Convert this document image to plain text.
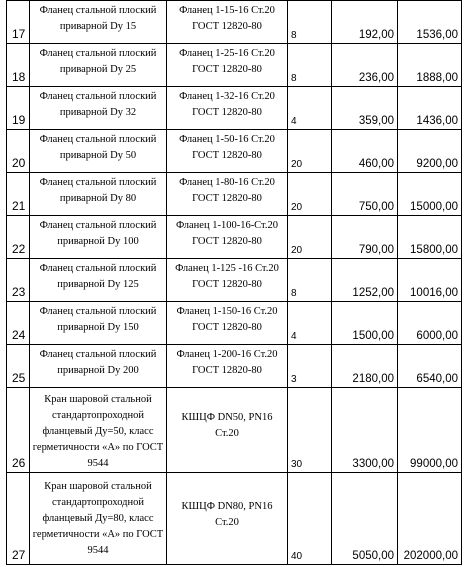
17	Фланец стальной плоский приварной Dy 15	Фланец 1-15-16 Ст.20 ГОСТ 12820-80	8	192,00	1536,00
18	Фланец стальной плоский приварной Dy 25	Фланец 1-25-16 Ст.20 ГОСТ 12820-80	8	236,00	1888,00
19	Фланец стальной плоский приварной Dy 32	Фланец 1-32-16 Ст.20 ГОСТ 12820-80	4	359,00	1436,00
20	Фланец стальной плоский приварной Dy 50	Фланец 1-50-16 Ст.20 ГОСТ 12820-80	20	460,00	9200,00
21	Фланец стальной плоский приварной Dy 80	Фланец 1-80-16 Ст.20 ГОСТ 12820-80	20	750,00	15000,00
22	Фланец стальной плоский приварной Dy 100	Фланец 1-100-16-Ст.20 ГОСТ 12820-80	20	790,00	15800,00
23	Фланец стальной плоский приварной Dy 125	Фланец 1-125 -16 Ст.20 ГОСТ 12820-80	8	1252,00	10016,00
24	Фланец стальной плоский приварной Dy 150	Фланец 1-150-16 Ст.20 ГОСТ 12820-80	4	1500,00	6000,00
25	Фланец стальной плоский приварной Dy 200	Фланец 1-200-16 Ст.20 ГОСТ 12820-80	3	2180,00	6540,00
26	Кран шаровой стальной стандартопроходной фланцевый Ду=50, класс герметичности «А» по ГОСТ 9544	КШЦФ DN50, PN16 Ст.20	30	3300,00	99000,00
27	Кран шаровой стальной стандартопроходной фланцевый Ду=80, класс герметичности «А» по ГОСТ 9544	КШЦФ DN80, PN16 Ст.20	40	5050,00	202000,00
